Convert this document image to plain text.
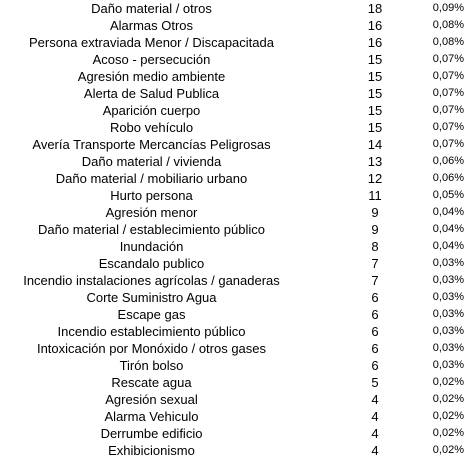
Daño material / otros	18	0,09%
Alarmas Otros	16	0,08%
Persona extraviada Menor / Discapacitada	16	0,08%
Acoso - persecución	15	0,07%
Agresión medio ambiente	15	0,07%
Alerta de Salud Publica	15	0,07%
Aparición cuerpo	15	0,07%
Robo vehículo	15	0,07%
Avería Transporte Mercancías Peligrosas	14	0,07%
Daño material / vivienda	13	0,06%
Daño material / mobiliario urbano	12	0,06%
Hurto persona	11	0,05%
Agresión menor	9	0,04%
Daño material / establecimiento público	9	0,04%
Inundación	8	0,04%
Escandalo publico	7	0,03%
Incendio instalaciones agrícolas / ganaderas	7	0,03%
Corte Suministro Agua	6	0,03%
Escape gas	6	0,03%
Incendio establecimiento público	6	0,03%
Intoxicación por Monóxido / otros gases	6	0,03%
Tirón bolso	6	0,03%
Rescate agua	5	0,02%
Agresión sexual	4	0,02%
Alarma Vehiculo	4	0,02%
Derrumbe edificio	4	0,02%
Exhibicionismo	4	0,02%
